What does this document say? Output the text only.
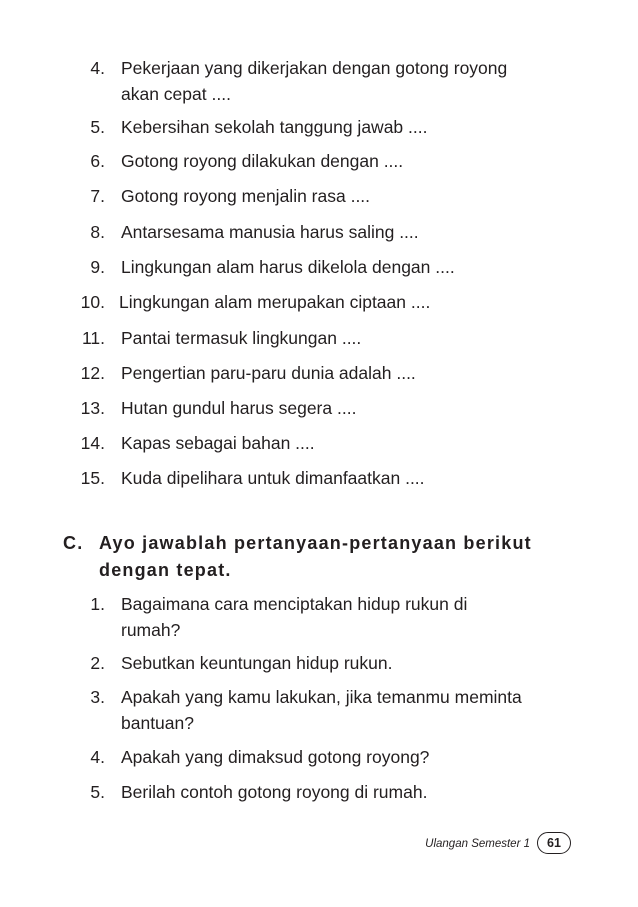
4. Pekerjaan yang dikerjakan dengan gotong royong
akan cepat ....
5. Kebersihan sekolah tanggung jawab ....
6. Gotong royong dilakukan dengan ....
7. Gotong royong menjalin rasa ....
8. Antarsesama manusia harus saling ....
9. Lingkungan alam harus dikelola dengan ....
10. Lingkungan alam merupakan ciptaan ....
11. Pantai termasuk lingkungan ....
12. Pengertian paru-paru dunia adalah ....
13. Hutan gundul harus segera ....
14. Kapas sebagai bahan ....
15. Kuda dipelihara untuk dimanfaatkan ....
C. Ayo jawablah pertanyaan-pertanyaan berikut
dengan tepat.
1. Bagaimana cara menciptakan hidup rukun di
rumah?
2. Sebutkan keuntungan hidup rukun.
3. Apakah yang kamu lakukan, jika temanmu meminta
bantuan?
4. Apakah yang dimaksud gotong royong?
5. Berilah contoh gotong royong di rumah.
Ulangan Semester 1	61
